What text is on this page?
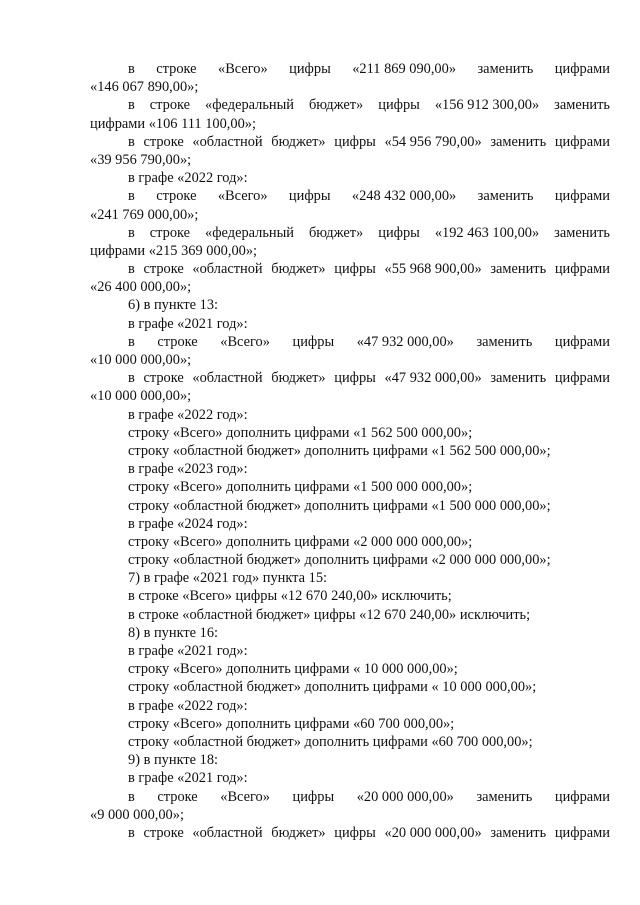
в строке «Всего» цифры «211 869 090,00» заменить цифрами
«146 067 890,00»;
в строке «федеральный бюджет» цифры «156 912 300,00» заменить
цифрами «106 111 100,00»;
в строке «областной бюджет» цифры «54 956 790,00» заменить цифрами
«39 956 790,00»;
в графе «2022 год»:
в строке «Всего» цифры «248 432 000,00» заменить цифрами
«241 769 000,00»;
в строке «федеральный бюджет» цифры «192 463 100,00» заменить
цифрами «215 369 000,00»;
в строке «областной бюджет» цифры «55 968 900,00» заменить цифрами
«26 400 000,00»;
6) в пункте 13:
в графе «2021 год»:
в строке «Всего» цифры «47 932 000,00» заменить цифрами
«10 000 000,00»;
в строке «областной бюджет» цифры «47 932 000,00» заменить цифрами
«10 000 000,00»;
в графе «2022 год»:
строку «Всего» дополнить цифрами «1 562 500 000,00»;
строку «областной бюджет» дополнить цифрами «1 562 500 000,00»;
в графе «2023 год»:
строку «Всего» дополнить цифрами «1 500 000 000,00»;
строку «областной бюджет» дополнить цифрами «1 500 000 000,00»;
в графе «2024 год»:
строку «Всего» дополнить цифрами «2 000 000 000,00»;
строку «областной бюджет» дополнить цифрами «2 000 000 000,00»;
7) в графе «2021 год» пункта 15:
в строке «Всего» цифры «12 670 240,00» исключить;
в строке «областной бюджет» цифры «12 670 240,00» исключить;
8) в пункте 16:
в графе «2021 год»:
строку «Всего» дополнить цифрами « 10 000 000,00»;
строку «областной бюджет» дополнить цифрами « 10 000 000,00»;
в графе «2022 год»:
строку «Всего» дополнить цифрами «60 700 000,00»;
строку «областной бюджет» дополнить цифрами «60 700 000,00»;
9) в пункте 18:
в графе «2021 год»:
в строке «Всего» цифры «20 000 000,00» заменить цифрами
«9 000 000,00»;
в строке «областной бюджет» цифры «20 000 000,00» заменить цифрами
